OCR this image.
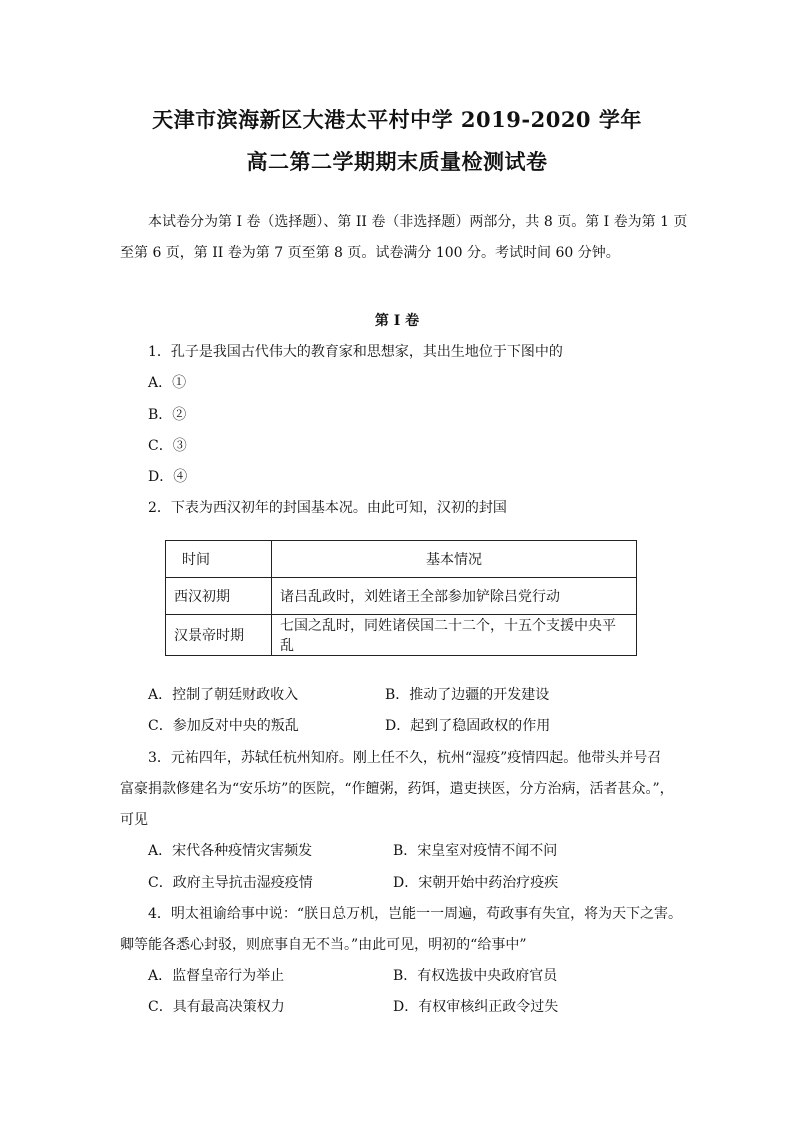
天津市滨海新区大港太平村中学 2019-2020 学年
高二第二学期期末质量检测试卷
本试卷分为第 I 卷（选择题）、第 II 卷（非选择题）两部分，共 8 页。第 I 卷为第 1 页
至第 6 页，第 II 卷为第 7 页至第 8 页。试卷满分 100 分。考试时间 60 分钟。
第 I 卷
1．孔子是我国古代伟大的教育家和思想家，其出生地位于下图中的
A．①
B．②
C．③
D．④
2．下表为西汉初年的封国基本况。由此可知，汉初的封国
时间	基本情况
西汉初期	诸吕乱政时，刘姓诸王全部参加铲除吕党行动
汉景帝时期	七国之乱时，同姓诸侯国二十二个，十五个支援中央平乱
A．控制了朝廷财政收入	B．推动了边疆的开发建设
C．参加反对中央的叛乱	D．起到了稳固政权的作用
3．元祐四年，苏轼任杭州知府。刚上任不久，杭州“湿疫”疫情四起。他带头并号召
富豪捐款修建名为“安乐坊”的医院，“作饘粥，药饵，遣吏挟医，分方治病，活者甚众。”，
可见
A．宋代各种疫情灾害频发	B．宋皇室对疫情不闻不问
C．政府主导抗击湿疫疫情	D．宋朝开始中药治疗疫疾
4．明太祖谕给事中说：“朕日总万机，岂能一一周遍，苟政事有失宜，将为天下之害。
卿等能各悉心封驳，则庶事自无不当。”由此可见，明初的“给事中”
A．监督皇帝行为举止	B．有权选拔中央政府官员
C．具有最高决策权力	D．有权审核纠正政令过失
